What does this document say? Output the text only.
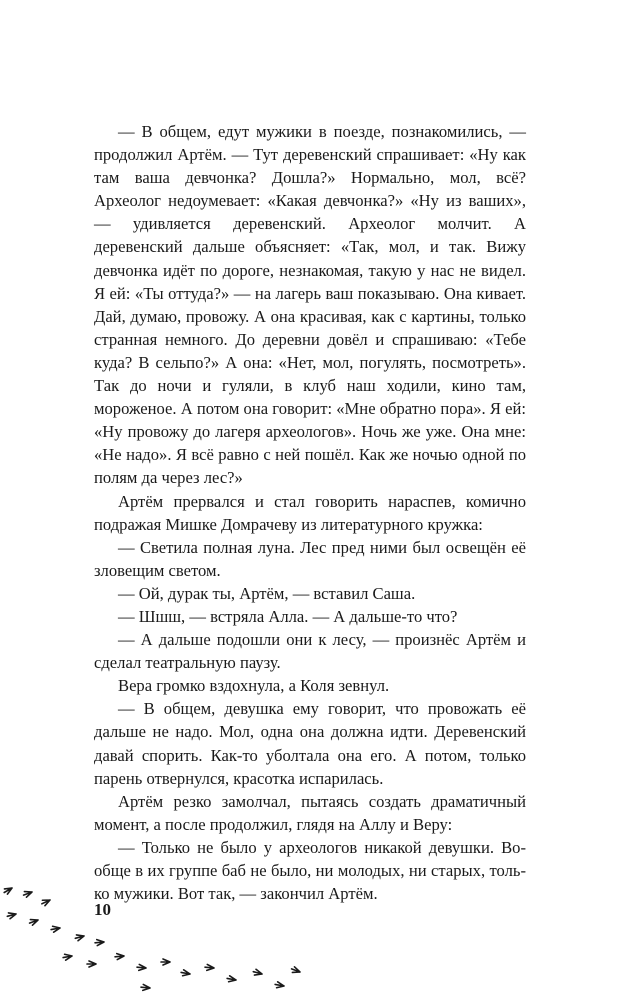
— В общем, едут мужики в поезде, познакомились, — продолжил Артём. — Тут деревенский спрашивает: «Ну как там ваша девчонка? Дошла?» Нормально, мол, всё? Археолог недоумевает: «Какая девчонка?» «Ну из ваших», — удивляется деревенский. Археолог молчит. А деревенский дальше объясняет: «Так, мол, и так. Вижу девчонка идёт по дороге, незнакомая, такую у нас не видел. Я ей: «Ты оттуда?» — на лагерь ваш показываю. Она кивает. Дай, думаю, провожу. А она красивая, как с картины, только странная немного. До деревни довёл и спрашиваю: «Тебе куда? В сельпо?» А она: «Нет, мол, погулять, посмотреть». Так до ночи и гуляли, в клуб наш ходили, кино там, мороженое. А потом она говорит: «Мне обратно пора». Я ей: «Ну провожу до лагеря археологов». Ночь же уже. Она мне: «Не надо». Я всё равно с ней пошёл. Как же ночью одной по полям да через лес?»

Артём прервался и стал говорить нараспев, комично подражая Мишке Домрачеву из литературного кружка:

— Светила полная луна. Лес пред ними был освещён её зловещим светом.

— Ой, дурак ты, Артём, — вставил Саша.

— Шшш, — встряла Алла. — А дальше-то что?

— А дальше подошли они к лесу, — произнёс Артём и сделал театральную паузу.

Вера громко вздохнула, а Коля зевнул.

— В общем, девушка ему говорит, что провожать её дальше не надо. Мол, одна она должна идти. Деревенский давай спорить. Как-то уболтала она его. А потом, только парень отвернулся, красотка испарилась.

Артём резко замолчал, пытаясь создать драматичный момент, а после продолжил, глядя на Аллу и Веру:

— Только не было у археологов никакой девушки. Вообще в их группе баб не было, ни молодых, ни старых, только мужики. Вот так, — закончил Артём.

10
